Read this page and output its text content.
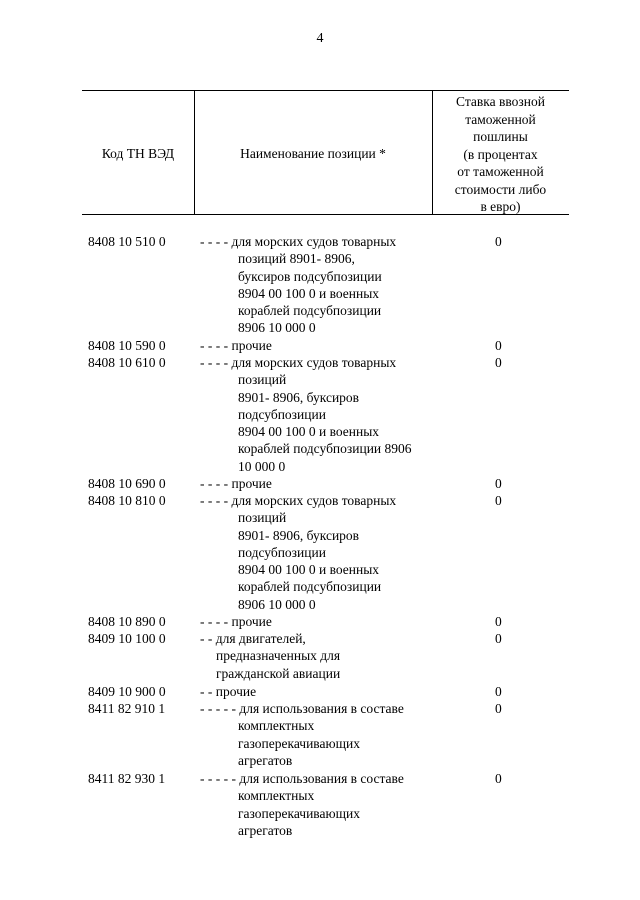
4
Код ТН ВЭД	Наименование позиции *
Ставка ввозной
таможенной
пошлины
(в процентах
от таможенной
стоимости либо
в евро)
8408 10 510 0	- - - - для морских судов товарных
позиций 8901- 8906,
буксиров подсубпозиции
8904 00 100 0 и военных
кораблей подсубпозиции
8906 10 000 0
0
8408 10 590 0	- - - - прочие	0
8408 10 610 0	- - - - для морских судов товарных
позиций
8901- 8906, буксиров
подсубпозиции
8904 00 100 0 и военных
кораблей подсубпозиции 8906
10 000 0
0
8408 10 690 0	- - - - прочие	0
8408 10 810 0	- - - - для морских судов товарных
позиций
8901- 8906, буксиров
подсубпозиции
8904 00 100 0 и военных
кораблей подсубпозиции
8906 10 000 0
0
8408 10 890 0	- - - - прочие	0
8409 10 100 0	- - для двигателей,
предназначенных для
гражданской авиации
0
8409 10 900 0	- - прочие	0
8411 82 910 1	- - - - - для использования в составе
комплектных
газоперекачивающих
агрегатов
0
8411 82 930 1	- - - - - для использования в составе
комплектных
газоперекачивающих
агрегатов
0
